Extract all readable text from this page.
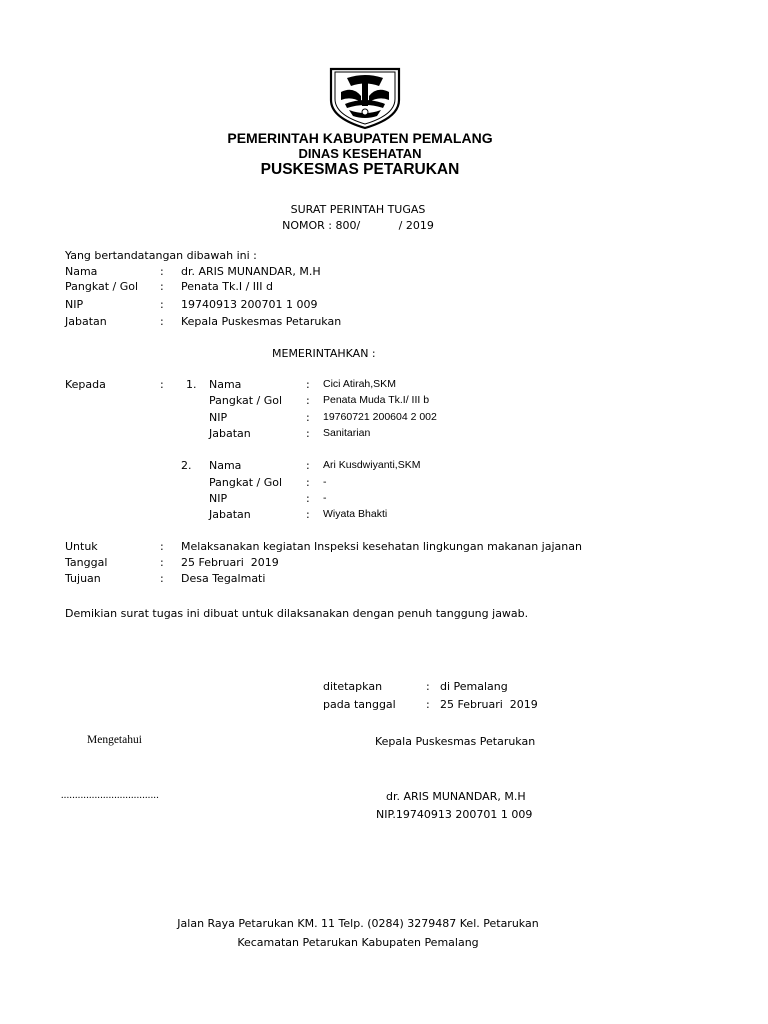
PEMERINTAH KABUPATEN PEMALANG
DINAS KESEHATAN
PUSKESMAS PETARUKAN
SURAT PERINTAH TUGAS
NOMOR : 800/           / 2019
Yang bertandatangan dibawah ini :
Nama	: dr. ARIS MUNANDAR, M.H
Pangkat / Gol : Penata Tk.I / III d
NIP	: 19740913 200701 1 009
Jabatan	: Kepala Puskesmas Petarukan
MEMERINTAHKAN :
Kepada	: 1. Nama	: Cici Atirah,SKM
Pangkat / Gol : Penata Muda Tk.I/ III b
NIP	: 19760721 200604 2 002
Jabatan	: Sanitarian
2. Nama	: Ari Kusdwiyanti,SKM
Pangkat / Gol : -
NIP	: -
Jabatan	: Wiyata Bhakti
Untuk	: Melaksanakan kegiatan Inspeksi kesehatan lingkungan makanan jajanan
Tanggal	: 25 Februari  2019
Tujuan	: Desa Tegalmati
Demikian surat tugas ini dibuat untuk dilaksanakan dengan penuh tanggung jawab.
ditetapkan	: di Pemalang
pada tanggal	: 25 Februari  2019
Mengetahui	Kepala Puskesmas Petarukan
...................................	dr. ARIS MUNANDAR, M.H
NIP.19740913 200701 1 009
Jalan Raya Petarukan KM. 11 Telp. (0284) 3279487 Kel. Petarukan
Kecamatan Petarukan Kabupaten Pemalang
